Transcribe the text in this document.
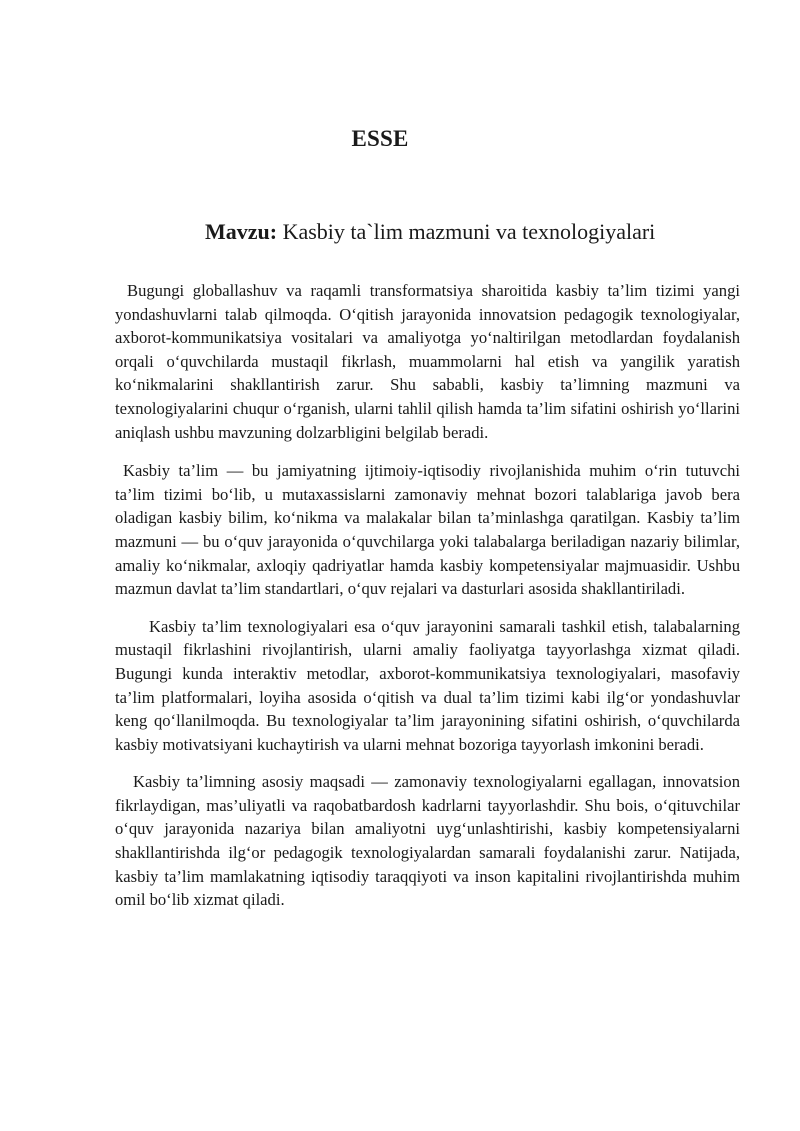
ESSE
Mavzu: Kasbiy ta`lim mazmuni va texnologiyalari

Bugungi globallashuv va raqamli transformatsiya sharoitida kasbiy ta’lim tizimi yangi yondashuvlarni talab qilmoqda. O‘qitish jarayonida innovatsion pedagogik texnologiyalar, axborot-kommunikatsiya vositalari va amaliyotga yo‘naltirilgan metodlardan foydalanish orqali o‘quvchilarda mustaqil fikrlash, muammolarni hal etish va yangilik yaratish ko‘nikmalarini shakllantirish zarur. Shu sababli, kasbiy ta’limning mazmuni va texnologiyalarini chuqur o‘rganish, ularni tahlil qilish hamda ta’lim sifatini oshirish yo‘llarini aniqlash ushbu mavzuning dolzarbligini belgilab beradi.

Kasbiy ta’lim — bu jamiyatning ijtimoiy-iqtisodiy rivojlanishida muhim o‘rin tutuvchi ta’lim tizimi bo‘lib, u mutaxassislarni zamonaviy mehnat bozori talablariga javob bera oladigan kasbiy bilim, ko‘nikma va malakalar bilan ta’minlashga qaratilgan. Kasbiy ta’lim mazmuni — bu o‘quv jarayonida o‘quvchilarga yoki talabalarga beriladigan nazariy bilimlar, amaliy ko‘nikmalar, axloqiy qadriyatlar hamda kasbiy kompetensiyalar majmuasidir. Ushbu mazmun davlat ta’lim standartlari, o‘quv rejalari va dasturlari asosida shakllantiriladi.

Kasbiy ta’lim texnologiyalari esa o‘quv jarayonini samarali tashkil etish, talabalarning mustaqil fikrlashini rivojlantirish, ularni amaliy faoliyatga tayyorlashga xizmat qiladi. Bugungi kunda interaktiv metodlar, axborot-kommunikatsiya texnologiyalari, masofaviy ta’lim platformalari, loyiha asosida o‘qitish va dual ta’lim tizimi kabi ilg‘or yondashuvlar keng qo‘llanilmoqda. Bu texnologiyalar ta’lim jarayonining sifatini oshirish, o‘quvchilarda kasbiy motivatsiyani kuchaytirish va ularni mehnat bozoriga tayyorlash imkonini beradi.

Kasbiy ta’limning asosiy maqsadi — zamonaviy texnologiyalarni egallagan, innovatsion fikrlaydigan, mas’uliyatli va raqobatbardosh kadrlarni tayyorlashdir. Shu bois, o‘qituvchilar o‘quv jarayonida nazariya bilan amaliyotni uyg‘unlashtirishi, kasbiy kompetensiyalarni shakllantirishda ilg‘or pedagogik texnologiyalardan samarali foydalanishi zarur. Natijada, kasbiy ta’lim mamlakatning iqtisodiy taraqqiyoti va inson kapitalini rivojlantirishda muhim omil bo‘lib xizmat qiladi.
